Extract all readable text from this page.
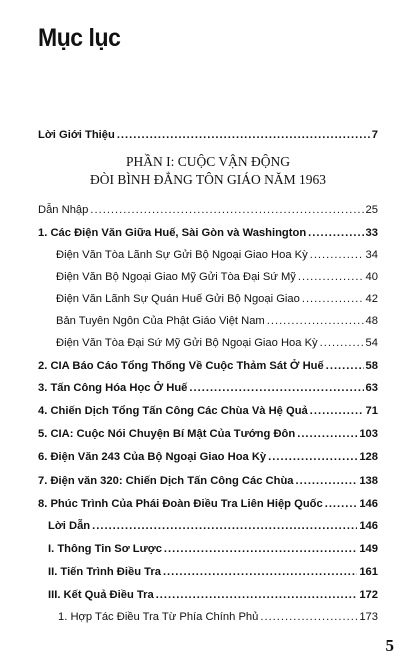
Mục lục
Lời Giới Thiệu .....	7
PHẦN I: CUỘC VẬN ĐỘNG
ĐÒI BÌNH ĐẲNG TÔN GIÁO NĂM 1963
Dẫn Nhập .....	25
1. Các Điện Văn Giữa Huế, Sài Gòn và Washington .....	33
Điện Văn Tòa Lãnh Sự Gửi Bộ Ngoại Giao Hoa Kỳ .....	34
Điện Văn Bộ Ngoại Giao Mỹ Gửi Tòa Đại Sứ Mỹ .....	40
Điện Văn Lãnh Sự Quán Huế Gửi Bộ Ngoại Giao .....	42
Bản Tuyên Ngôn Của Phật Giáo Việt Nam .....	48
Điện Văn Tòa Đại Sứ Mỹ Gửi Bộ Ngoại Giao Hoa Kỳ .....	54
2. CIA Báo Cáo Tổng Thống Về Cuộc Thảm Sát Ở Huế .....	58
3. Tấn Công Hóa Học Ở Huế .....	63
4. Chiến Dịch Tổng Tấn Công Các Chùa Và Hệ Quả .....	71
5. CIA: Cuộc Nói Chuyện Bí Mật Của Tướng Đôn .....	103
6. Điện Văn 243 Của Bộ Ngoại Giao Hoa Kỳ .....	128
7. Điện văn 320: Chiến Dịch Tấn Công Các Chùa .....	138
8. Phúc Trình Của Phái Đoàn Điều Tra Liên Hiệp Quốc .....	146
Lời Dẫn .....	146
I. Thông Tin Sơ Lược .....	149
II. Tiến Trình Điều Tra .....	161
III. Kết Quả Điều Tra .....	172
1. Hợp Tác Điều Tra Từ Phía Chính Phủ .....	173
5
